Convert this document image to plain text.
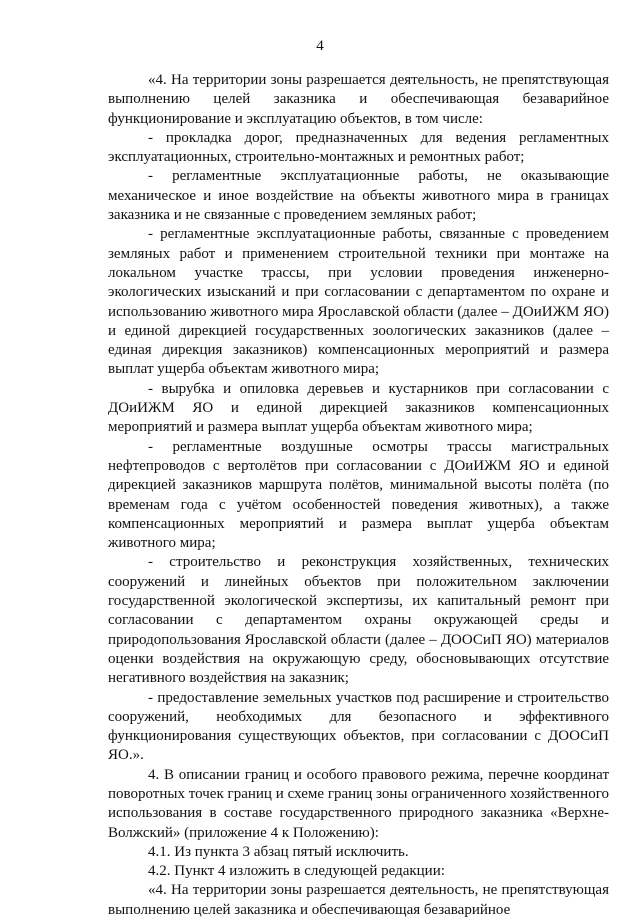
4

«4. На территории зоны разрешается деятельность, не препятствующая выполнению целей заказника и обеспечивающая безаварийное функционирование и эксплуатацию объектов, в том числе:

- прокладка дорог, предназначенных для ведения регламентных эксплуатационных, строительно-монтажных и ремонтных работ;

- регламентные эксплуатационные работы, не оказывающие механическое и иное воздействие на объекты животного мира в границах заказника и не связанные с проведением земляных работ;

- регламентные эксплуатационные работы, связанные с проведением земляных работ и применением строительной техники при монтаже на локальном участке трассы, при условии проведения инженерно-экологических изысканий и при согласовании с департаментом по охране и использованию животного мира Ярославской области (далее – ДОиИЖМ ЯО) и единой дирекцией государственных зоологических заказников (далее – единая дирекция заказников) компенсационных мероприятий и размера выплат ущерба объектам животного мира;

- вырубка и опиловка деревьев и кустарников при согласовании с ДОиИЖМ ЯО и единой дирекцией заказников компенсационных мероприятий и размера выплат ущерба объектам животного мира;

- регламентные воздушные осмотры трассы магистральных нефтепроводов с вертолётов при согласовании с ДОиИЖМ ЯО и единой дирекцией заказников маршрута полётов, минимальной высоты полёта (по временам года с учётом особенностей поведения животных), а также компенсационных мероприятий и размера выплат ущерба объектам животного мира;

- строительство и реконструкция хозяйственных, технических сооружений и линейных объектов при положительном заключении государственной экологической экспертизы, их капитальный ремонт при согласовании с департаментом охраны окружающей среды и природопользования Ярославской области (далее – ДООСиП ЯО) материалов оценки воздействия на окружающую среду, обосновывающих отсутствие негативного воздействия на заказник;

- предоставление земельных участков под расширение и строительство сооружений, необходимых для безопасного и эффективного функционирования существующих объектов, при согласовании с ДООСиП ЯО.».

4. В описании границ и особого правового режима, перечне координат поворотных точек границ и схеме границ зоны ограниченного хозяйственного использования в составе государственного природного заказника «Верхне-Волжский» (приложение 4 к Положению):

4.1. Из пункта 3 абзац пятый исключить.

4.2. Пункт 4 изложить в следующей редакции:

«4. На территории зоны разрешается деятельность, не препятствующая выполнению целей заказника и обеспечивающая безаварийное
